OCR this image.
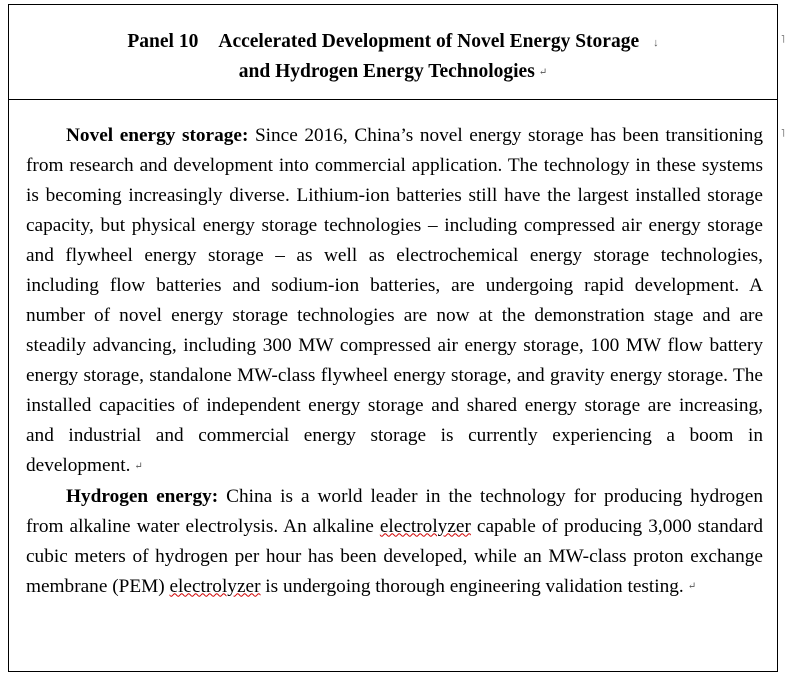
˥
˥
Panel 10 Accelerated Development of Novel Energy Storage ↓
and Hydrogen Energy Technologies ↵

Novel energy storage: Since 2016, China’s novel energy storage has been transitioning from research and development into commercial application. The technology in these systems is becoming increasingly diverse. Lithium-ion batteries still have the largest installed storage capacity, but physical energy storage technologies – including compressed air energy storage and flywheel energy storage – as well as electrochemical energy storage technologies, including flow batteries and sodium-ion batteries, are undergoing rapid development. A number of novel energy storage technologies are now at the demonstration stage and are steadily advancing, including 300 MW compressed air energy storage, 100 MW flow battery energy storage, standalone MW-class flywheel energy storage, and gravity energy storage. The installed capacities of independent energy storage and shared energy storage are increasing, and industrial and commercial energy storage is currently experiencing a boom in development. ↵

Hydrogen energy: China is a world leader in the technology for producing hydrogen from alkaline water electrolysis. An alkaline electrolyzer capable of producing 3,000 standard cubic meters of hydrogen per hour has been developed, while an MW-class proton exchange membrane (PEM) electrolyzer is undergoing thorough engineering validation testing. ↵
